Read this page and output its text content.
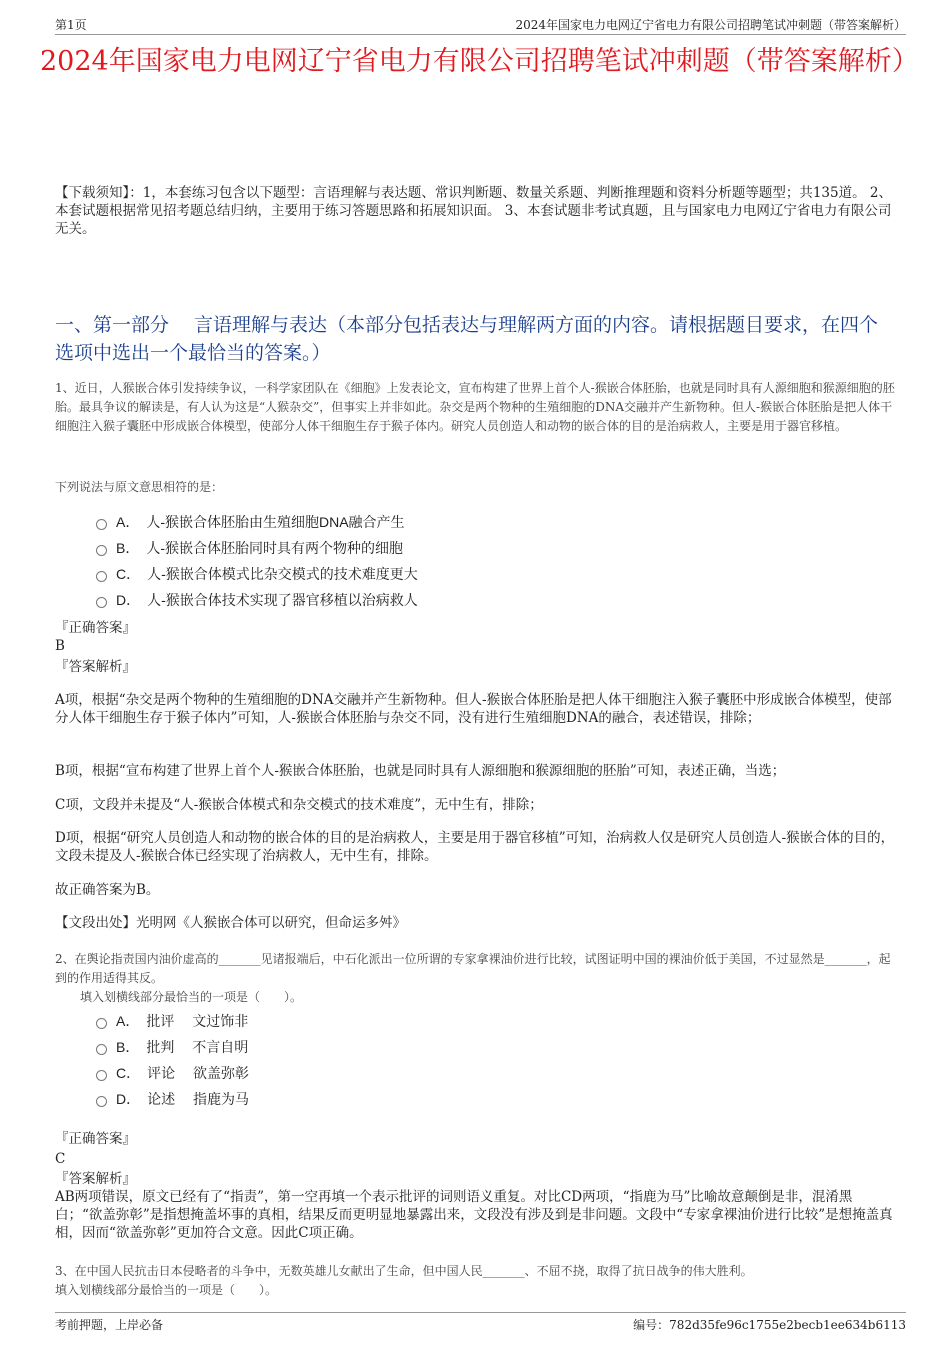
第1页	2024年国家电力电网辽宁省电力有限公司招聘笔试冲刺题（带答案解析）
2024年国家电力电网辽宁省电力有限公司招聘笔试冲刺题（带答案解析）
【下载须知】：1，本套练习包含以下题型：言语理解与表达题、常识判断题、数量关系题、判断推理题和资料分析题等题型；共135道。 2、本套试题根据常见招考题总结归纳，主要用于练习答题思路和拓展知识面。 3、本套试题非考试真题，且与国家电力电网辽宁省电力有限公司无关。
一、第一部分　 言语理解与表达（本部分包括表达与理解两方面的内容。请根据题目要求，在四个选项中选出一个最恰当的答案。）
1、近日，人猴嵌合体引发持续争议，一科学家团队在《细胞》上发表论文，宣布构建了世界上首个人-猴嵌合体胚胎，也就是同时具有人源细胞和猴源细胞的胚胎。最具争议的解读是，有人认为这是“人猴杂交”，但事实上并非如此。杂交是两个物种的生殖细胞的DNA交融并产生新物种。但人-猴嵌合体胚胎是把人体干细胞注入猴子囊胚中形成嵌合体模型，使部分人体干细胞生存于猴子体内。研究人员创造人和动物的嵌合体的目的是治病救人，主要是用于器官移植。
下列说法与原文意思相符的是：
A．　人-猴嵌合体胚胎由生殖细胞DNA融合产生
B．　人-猴嵌合体胚胎同时具有两个物种的细胞
C．　人-猴嵌合体模式比杂交模式的技术难度更大
D．　人-猴嵌合体技术实现了器官移植以治病救人
『正确答案』
B
『答案解析』
A项，根据“杂交是两个物种的生殖细胞的DNA交融并产生新物种。但人-猴嵌合体胚胎是把人体干细胞注入猴子囊胚中形成嵌合体模型，使部分人体干细胞生存于猴子体内”可知，人-猴嵌合体胚胎与杂交不同，没有进行生殖细胞DNA的融合，表述错误，排除；
B项，根据“宣布构建了世界上首个人-猴嵌合体胚胎，也就是同时具有人源细胞和猴源细胞的胚胎”可知，表述正确，当选；
C项，文段并未提及“人-猴嵌合体模式和杂交模式的技术难度”，无中生有，排除；
D项，根据“研究人员创造人和动物的嵌合体的目的是治病救人，主要是用于器官移植”可知，治病救人仅是研究人员创造人-猴嵌合体的目的，文段未提及人-猴嵌合体已经实现了治病救人，无中生有，排除。
故正确答案为B。
【文段出处】光明网《人猴嵌合体可以研究，但命运多舛》
2、在舆论指责国内油价虚高的_______见诸报端后，中石化派出一位所谓的专家拿裸油价进行比较，试图证明中国的裸油价低于美国，不过显然是_______，起到的作用适得其反。
填入划横线部分最恰当的一项是（　　）。
A．　批评　 文过饰非
B．　批判　 不言自明
C．　评论　 欲盖弥彰
D．　论述　 指鹿为马
『正确答案』
C
『答案解析』
AB两项错误，原文已经有了“指责”，第一空再填一个表示批评的词则语义重复。对比CD两项，“指鹿为马”比喻故意颠倒是非，混淆黑白；“欲盖弥彰”是指想掩盖坏事的真相，结果反而更明显地暴露出来，文段没有涉及到是非问题。文段中“专家拿裸油价进行比较”是想掩盖真相，因而“欲盖弥彰”更加符合文意。因此C项正确。
3、在中国人民抗击日本侵略者的斗争中，无数英雄儿女献出了生命，但中国人民_______、不屈不挠，取得了抗日战争的伟大胜利。
填入划横线部分最恰当的一项是（　　）。
考前押题，上岸必备	编号：782d35fe96c1755e2becb1ee634b6113
